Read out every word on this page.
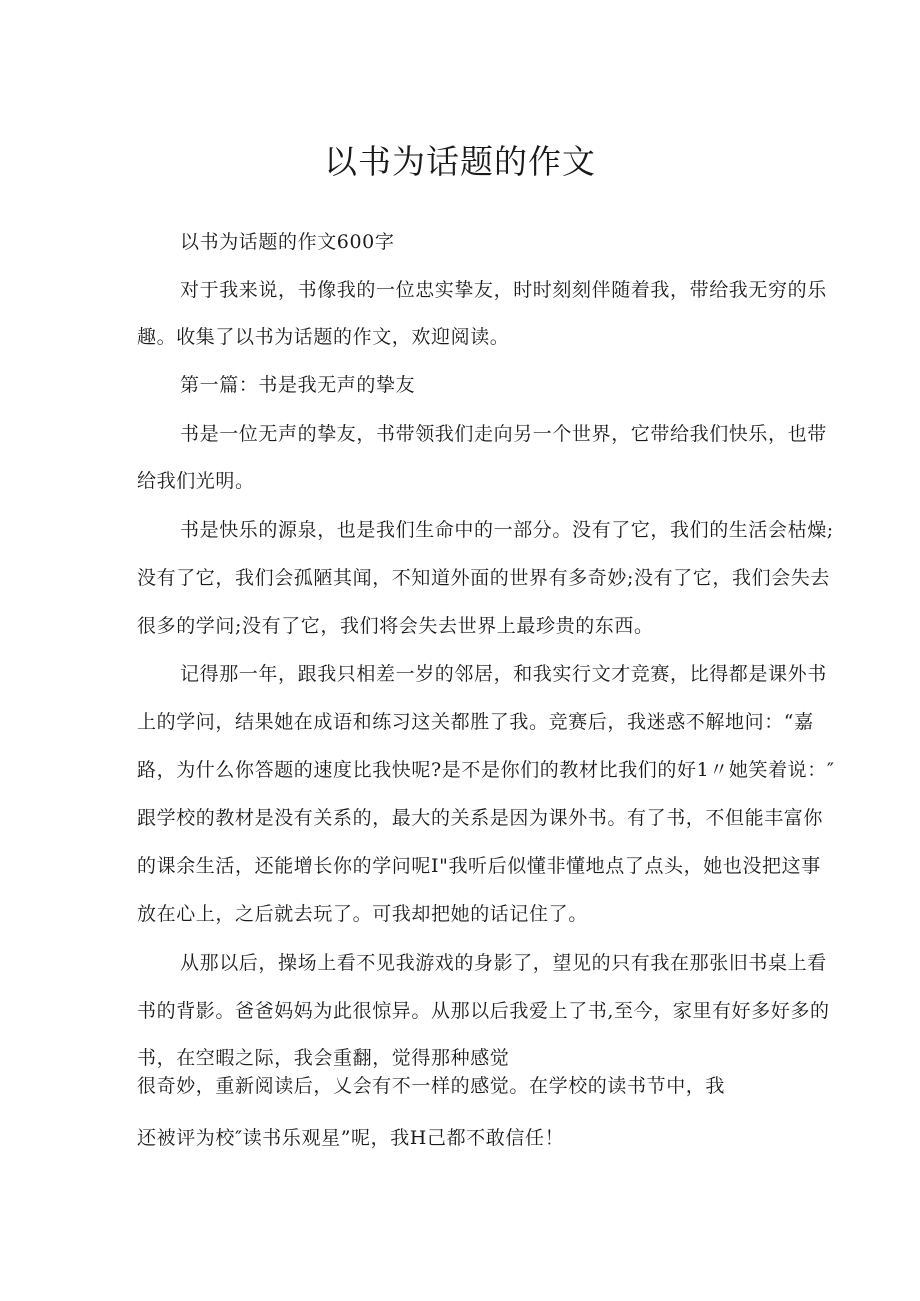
以书为话题的作文
以书为话题的作文600字
对于我来说，书像我的一位忠实挚友，时时刻刻伴随着我，带给我无穷的乐
趣。收集了以书为话题的作文，欢迎阅读。
第一篇：书是我无声的挚友
书是一位无声的挚友，书带领我们走向另一个世界，它带给我们快乐，也带
给我们光明。
书是快乐的源泉，也是我们生命中的一部分。没有了它，我们的生活会枯燥;
没有了它，我们会孤陋其闻，不知道外面的世界有多奇妙;没有了它，我们会失去
很多的学问;没有了它，我们将会失去世界上最珍贵的东西。
记得那一年，跟我只相差一岁的邻居，和我实行文才竞赛，比得都是课外书
上的学问，结果她在成语和练习这关都胜了我。竞赛后，我迷惑不解地问：“嘉
路，为什么你答题的速度比我快呢?是不是你们的教材比我们的好1〃她笑着说：″
跟学校的教材是没有关系的，最大的关系是因为课外书。有了书，不但能丰富你
的课余生活，还能增长你的学问呢I"我听后似懂非懂地点了点头，她也没把这事
放在心上，之后就去玩了。可我却把她的话记住了。
从那以后，操场上看不见我游戏的身影了，望见的只有我在那张旧书桌上看
书的背影。爸爸妈妈为此很惊异。从那以后我爱上了书,至今，家里有好多好多的
书，在空暇之际，我会重翻，觉得那种感觉
很奇妙，重新阅读后，乂会有不一样的感觉。在学校的读书节中，我
还被评为校″读书乐观星”呢，我H己都不敢信任！
